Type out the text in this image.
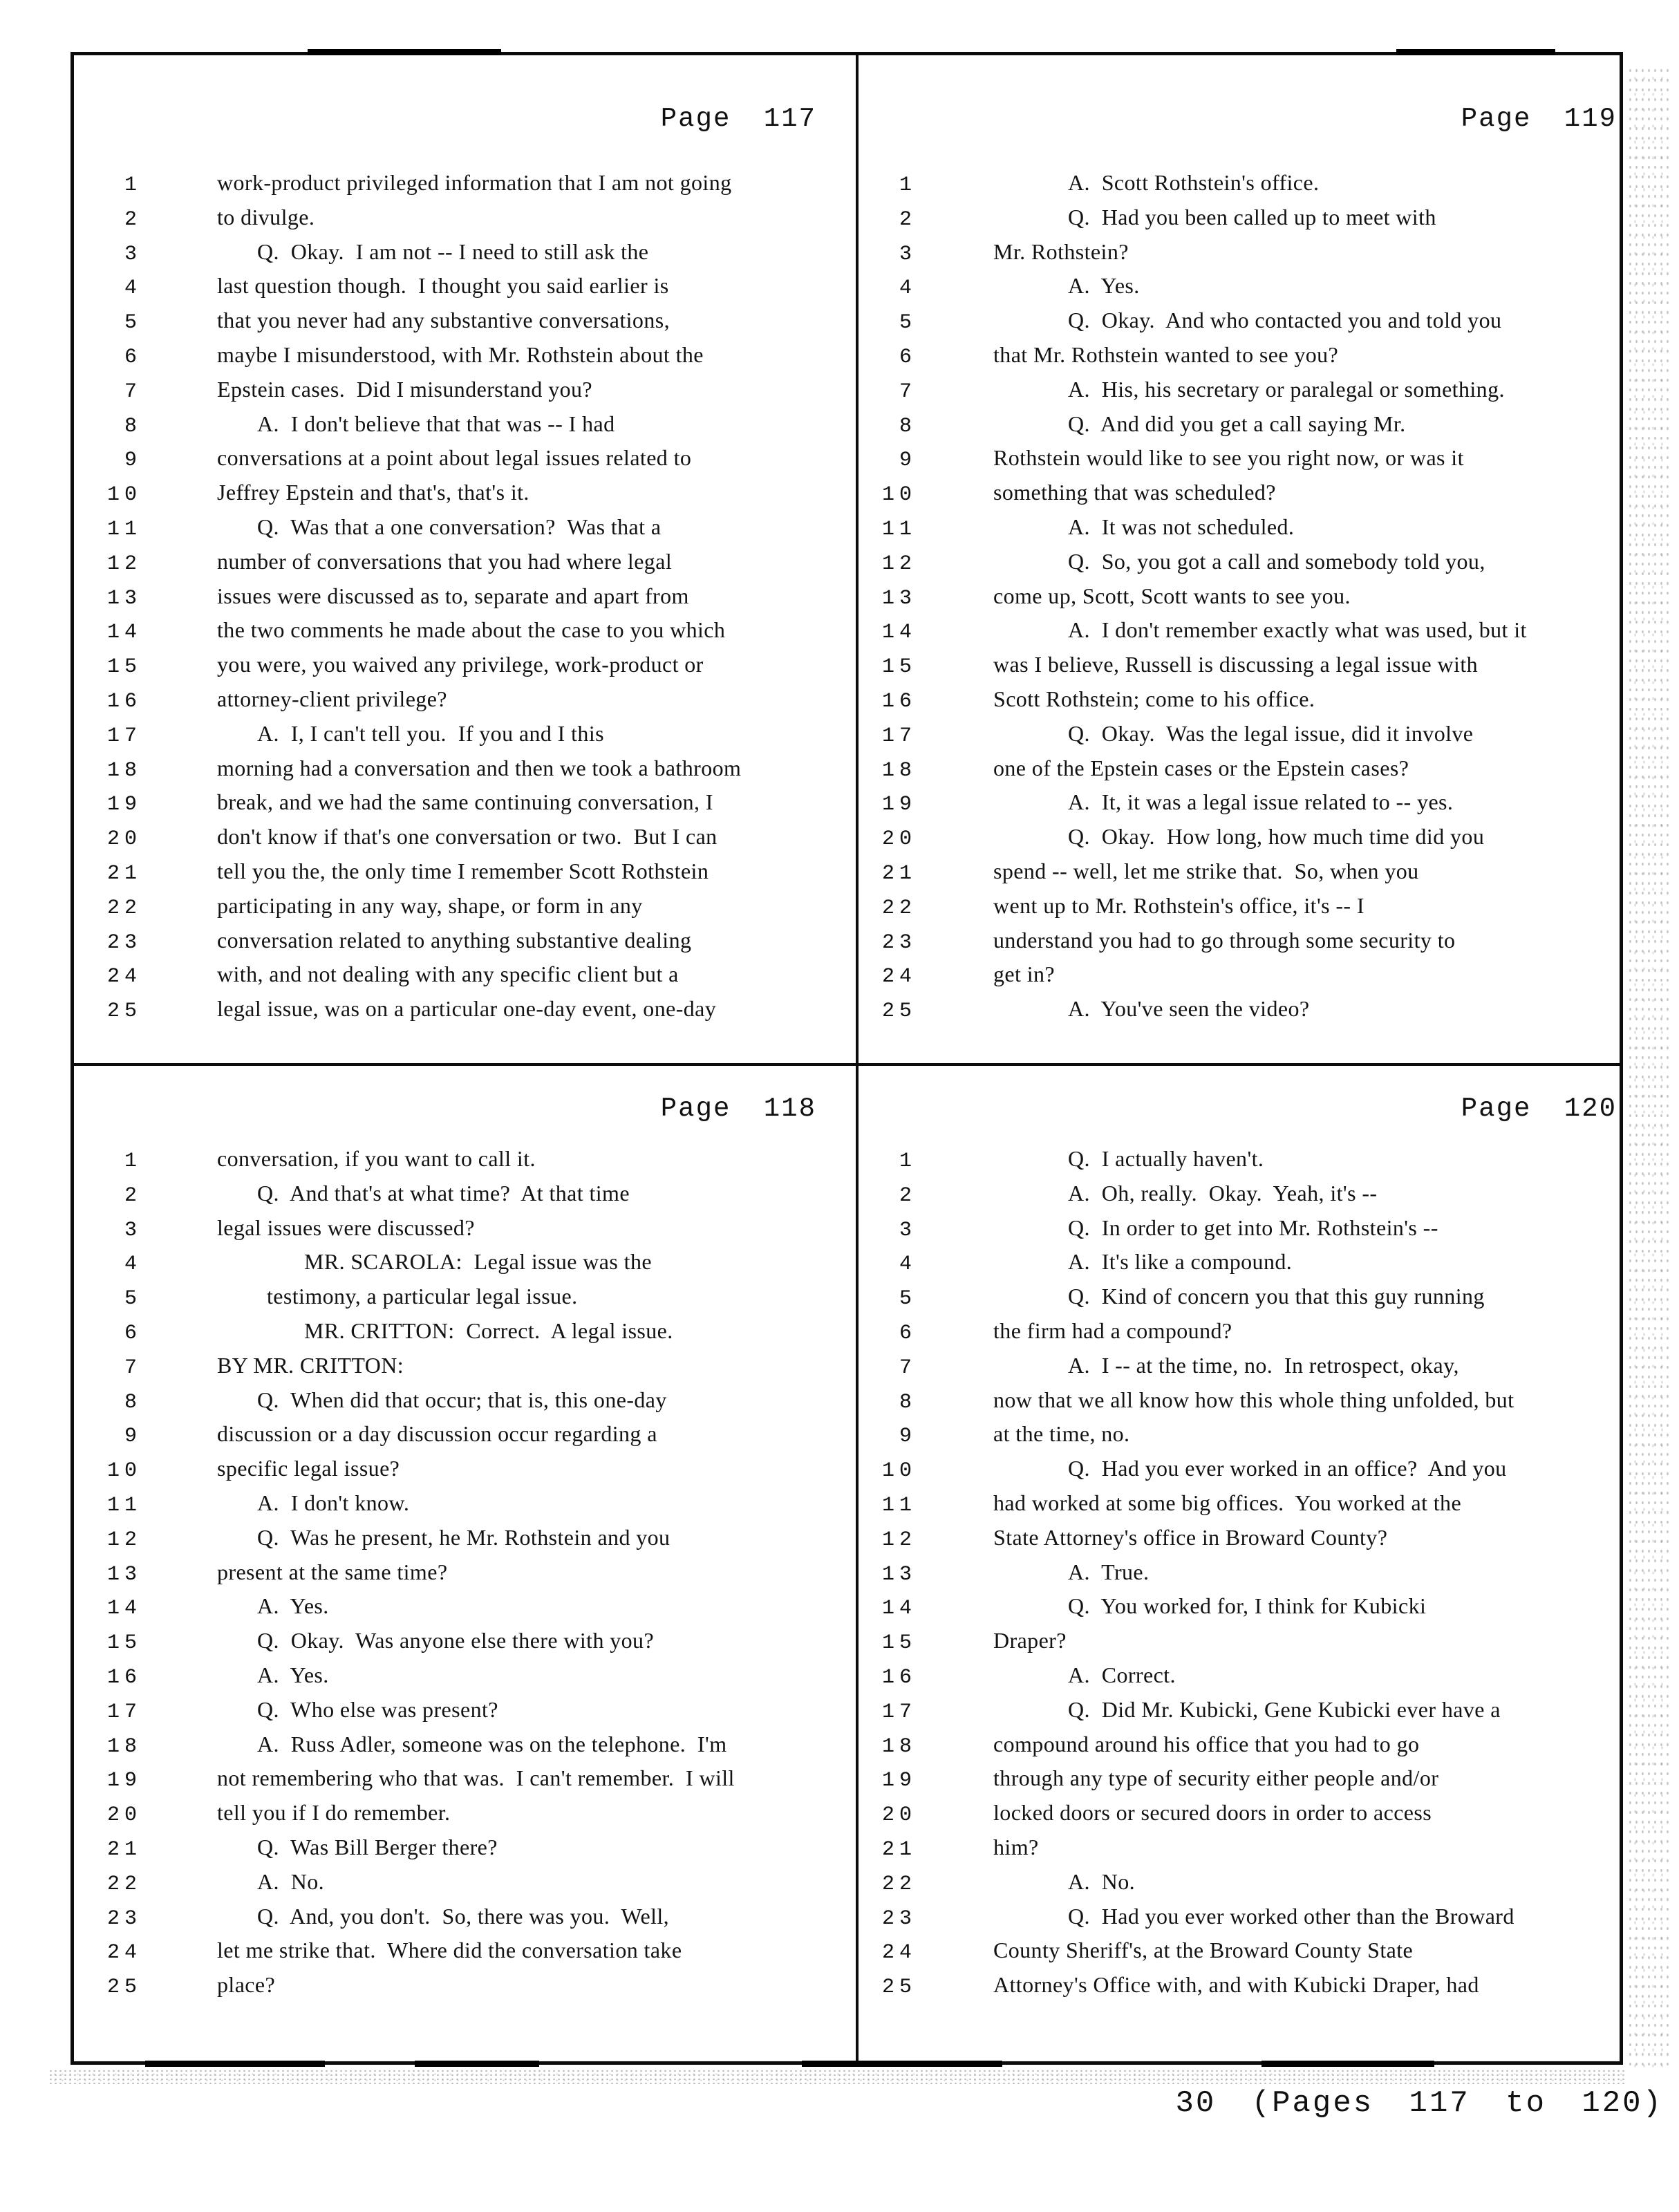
Page 117
1	work-product privileged information that I am not going
2	to divulge.
3	Q.  Okay.  I am not -- I need to still ask the
4	last question though.  I thought you said earlier is
5	that you never had any substantive conversations,
6	maybe I misunderstood, with Mr. Rothstein about the
7	Epstein cases.  Did I misunderstand you?
8	A.  I don't believe that that was -- I had
9	conversations at a point about legal issues related to
10	Jeffrey Epstein and that's, that's it.
11	Q.  Was that a one conversation?  Was that a
12	number of conversations that you had where legal
13	issues were discussed as to, separate and apart from
14	the two comments he made about the case to you which
15	you were, you waived any privilege, work-product or
16	attorney-client privilege?
17	A.  I, I can't tell you.  If you and I this
18	morning had a conversation and then we took a bathroom
19	break, and we had the same continuing conversation, I
20	don't know if that's one conversation or two.  But I can
21	tell you the, the only time I remember Scott Rothstein
22	participating in any way, shape, or form in any
23	conversation related to anything substantive dealing
24	with, and not dealing with any specific client but a
25	legal issue, was on a particular one-day event, one-day
Page 119
1	A.  Scott Rothstein's office.
2	Q.  Had you been called up to meet with
3	Mr. Rothstein?
4	A.  Yes.
5	Q.  Okay.  And who contacted you and told you
6	that Mr. Rothstein wanted to see you?
7	A.  His, his secretary or paralegal or something.
8	Q.  And did you get a call saying Mr.
9	Rothstein would like to see you right now, or was it
10	something that was scheduled?
11	A.  It was not scheduled.
12	Q.  So, you got a call and somebody told you,
13	come up, Scott, Scott wants to see you.
14	A.  I don't remember exactly what was used, but it
15	was I believe, Russell is discussing a legal issue with
16	Scott Rothstein; come to his office.
17	Q.  Okay.  Was the legal issue, did it involve
18	one of the Epstein cases or the Epstein cases?
19	A.  It, it was a legal issue related to -- yes.
20	Q.  Okay.  How long, how much time did you
21	spend -- well, let me strike that.  So, when you
22	went up to Mr. Rothstein's office, it's -- I
23	understand you had to go through some security to
24	get in?
25	A.  You've seen the video?
Page 118
1	conversation, if you want to call it.
2	Q.  And that's at what time?  At that time
3	legal issues were discussed?
4	MR. SCAROLA:  Legal issue was the
5	testimony, a particular legal issue.
6	MR. CRITTON:  Correct.  A legal issue.
7	BY MR. CRITTON:
8	Q.  When did that occur; that is, this one-day
9	discussion or a day discussion occur regarding a
10	specific legal issue?
11	A.  I don't know.
12	Q.  Was he present, he Mr. Rothstein and you
13	present at the same time?
14	A.  Yes.
15	Q.  Okay.  Was anyone else there with you?
16	A.  Yes.
17	Q.  Who else was present?
18	A.  Russ Adler, someone was on the telephone.  I'm
19	not remembering who that was.  I can't remember.  I will
20	tell you if I do remember.
21	Q.  Was Bill Berger there?
22	A.  No.
23	Q.  And, you don't.  So, there was you.  Well,
24	let me strike that.  Where did the conversation take
25	place?
Page 120
1	Q.  I actually haven't.
2	A.  Oh, really.  Okay.  Yeah, it's --
3	Q.  In order to get into Mr. Rothstein's --
4	A.  It's like a compound.
5	Q.  Kind of concern you that this guy running
6	the firm had a compound?
7	A.  I -- at the time, no.  In retrospect, okay,
8	now that we all know how this whole thing unfolded, but
9	at the time, no.
10	Q.  Had you ever worked in an office?  And you
11	had worked at some big offices.  You worked at the
12	State Attorney's office in Broward County?
13	A.  True.
14	Q.  You worked for, I think for Kubicki
15	Draper?
16	A.  Correct.
17	Q.  Did Mr. Kubicki, Gene Kubicki ever have a
18	compound around his office that you had to go
19	through any type of security either people and/or
20	locked doors or secured doors in order to access
21	him?
22	A.  No.
23	Q.  Had you ever worked other than the Broward
24	County Sheriff's, at the Broward County State
25	Attorney's Office with, and with Kubicki Draper, had
30 (Pages 117 to 120)
